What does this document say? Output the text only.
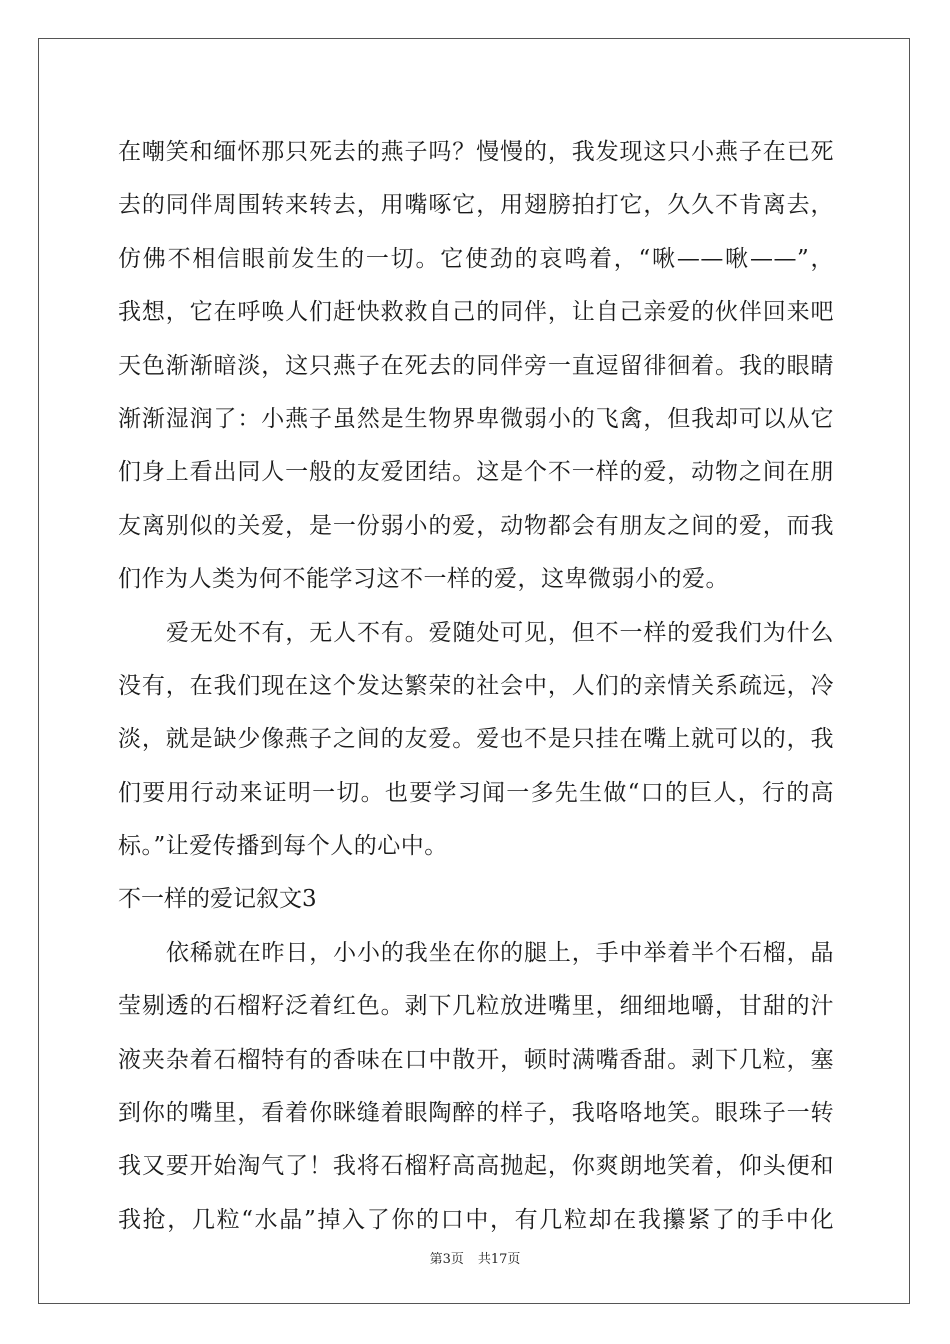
在嘲笑和缅怀那只死去的燕子吗？慢慢的，我发现这只小燕子在已死
去的同伴周围转来转去，用嘴啄它，用翅膀拍打它，久久不肯离去，
仿佛不相信眼前发生的一切。它使劲的哀鸣着，“啾——啾——”，
我想，它在呼唤人们赶快救救自己的同伴，让自己亲爱的伙伴回来吧
天色渐渐暗淡，这只燕子在死去的同伴旁一直逗留徘徊着。我的眼睛
渐渐湿润了：小燕子虽然是生物界卑微弱小的飞禽，但我却可以从它
们身上看出同人一般的友爱团结。这是个不一样的爱，动物之间在朋
友离别似的关爱，是一份弱小的爱，动物都会有朋友之间的爱，而我
们作为人类为何不能学习这不一样的爱，这卑微弱小的爱。
爱无处不有，无人不有。爱随处可见，但不一样的爱我们为什么
没有，在我们现在这个发达繁荣的社会中，人们的亲情关系疏远，冷
淡，就是缺少像燕子之间的友爱。爱也不是只挂在嘴上就可以的，我
们要用行动来证明一切。也要学习闻一多先生做“口的巨人，行的高
标。”让爱传播到每个人的心中。
不一样的爱记叙文3
依稀就在昨日，小小的我坐在你的腿上，手中举着半个石榴，晶
莹剔透的石榴籽泛着红色。剥下几粒放进嘴里，细细地嚼，甘甜的汁
液夹杂着石榴特有的香味在口中散开，顿时满嘴香甜。剥下几粒，塞
到你的嘴里，看着你眯缝着眼陶醉的样子，我咯咯地笑。眼珠子一转
我又要开始淘气了！我将石榴籽高高抛起，你爽朗地笑着，仰头便和
我抢，几粒“水晶”掉入了你的口中，有几粒却在我攥紧了的手中化
第3页 共17页
